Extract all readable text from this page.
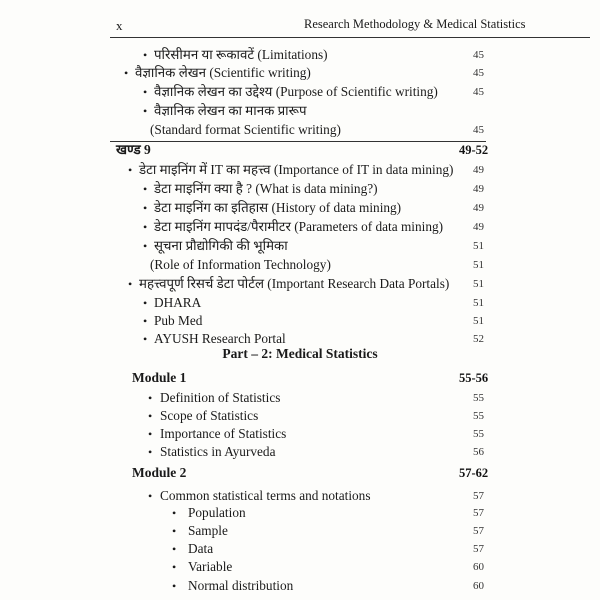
x	Research Methodology & Medical Statistics
• परिसीमन या रूकावटें (Limitations)	45
• वैज्ञानिक लेखन (Scientific writing)	45
• वैज्ञानिक लेखन का उद्देश्य (Purpose of Scientific writing)	45
• वैज्ञानिक लेखन का मानक प्रारूप
(Standard format Scientific writing)	45
खण्ड 9	49-52
• डेटा माइनिंग में IT का महत्त्व (Importance of IT in data mining) 49
• डेटा माइनिंग क्या है ? (What is data mining?)	49
• डेटा माइनिंग का इतिहास (History of data mining)	49
• डेटा माइनिंग मापदंड/पैरामीटर (Parameters of data mining)	49
• सूचना प्रौद्योगिकी की भूमिका	51
(Role of Information Technology)	51
• महत्त्वपूर्ण रिसर्च डेटा पोर्टल (Important Research Data Portals) 51
• DHARA	51
• Pub Med	51
• AYUSH Research Portal	52
Part – 2: Medical Statistics
Module 1	55-56
• Definition of Statistics	55
• Scope of Statistics	55
• Importance of Statistics	55
• Statistics in Ayurveda	56
Module 2	57-62
• Common statistical terms and notations	57
• Population	57
• Sample	57
• Data	57
• Variable	60
• Normal distribution	60
